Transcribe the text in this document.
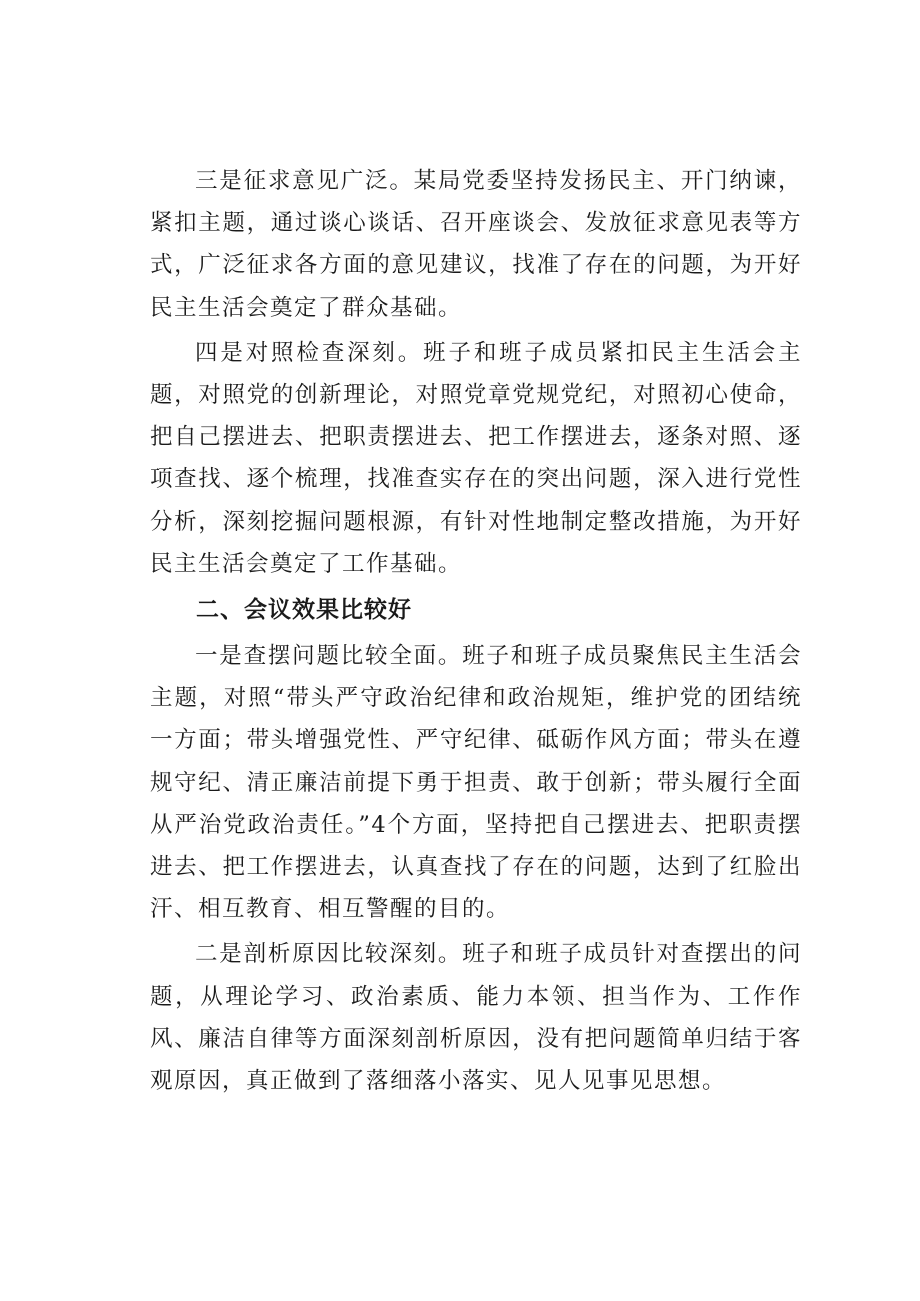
三是征求意见广泛。某局党委坚持发扬民主、开门纳谏，紧扣主题，通过谈心谈话、召开座谈会、发放征求意见表等方式，广泛征求各方面的意见建议，找准了存在的问题，为开好民主生活会奠定了群众基础。

四是对照检查深刻。班子和班子成员紧扣民主生活会主题，对照党的创新理论，对照党章党规党纪，对照初心使命，把自己摆进去、把职责摆进去、把工作摆进去，逐条对照、逐项查找、逐个梳理，找准查实存在的突出问题，深入进行党性分析，深刻挖掘问题根源，有针对性地制定整改措施，为开好民主生活会奠定了工作基础。

二、会议效果比较好

一是查摆问题比较全面。班子和班子成员聚焦民主生活会主题，对照“带头严守政治纪律和政治规矩，维护党的团结统一方面；带头增强党性、严守纪律、砥砺作风方面；带头在遵规守纪、清正廉洁前提下勇于担责、敢于创新；带头履行全面从严治党政治责任。”4个方面，坚持把自己摆进去、把职责摆进去、把工作摆进去，认真查找了存在的问题，达到了红脸出汗、相互教育、相互警醒的目的。

二是剖析原因比较深刻。班子和班子成员针对查摆出的问题，从理论学习、政治素质、能力本领、担当作为、工作作风、廉洁自律等方面深刻剖析原因，没有把问题简单归结于客观原因，真正做到了落细落小落实、见人见事见思想。
